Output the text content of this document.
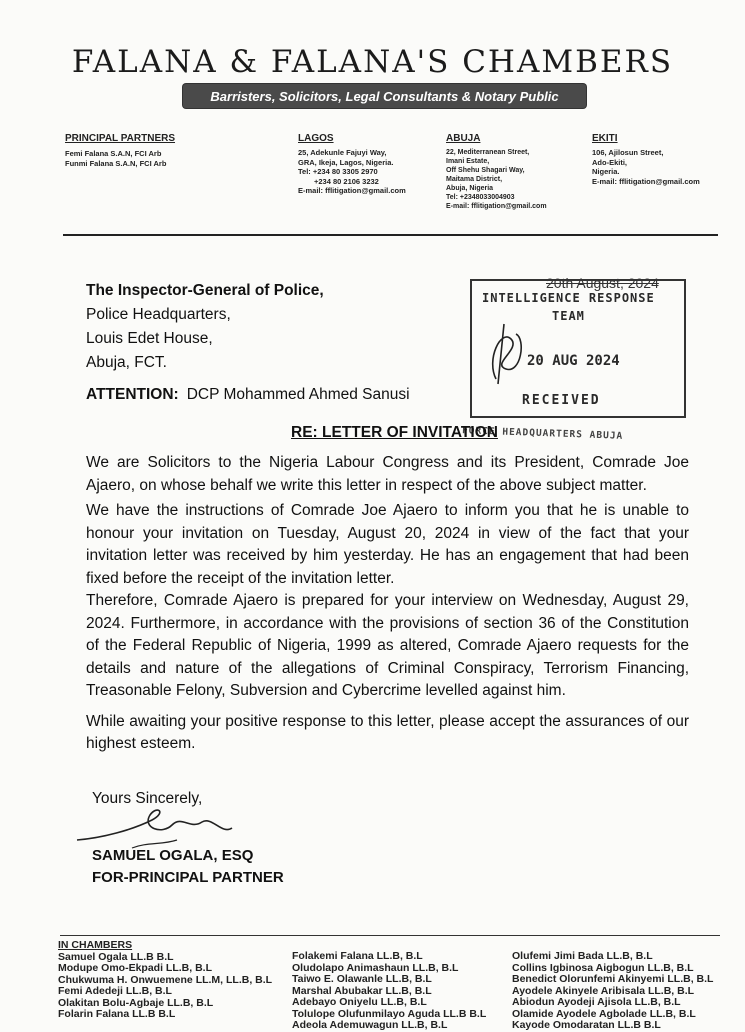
FALANA & FALANA'S CHAMBERS
Barristers, Solicitors, Legal Consultants & Notary Public
PRINCIPAL PARTNERS
Femi Falana S.A.N, FCI Arb
Funmi Falana S.A.N, FCI Arb
LAGOS
25, Adekunle Fajuyi Way,
GRA, Ikeja, Lagos, Nigeria.
Tel: +234 80 3305 2970
+234 80 2106 3232
E-mail: fflitigation@gmail.com
ABUJA
22, Mediterranean Street,
Imani Estate,
Off Shehu Shagari Way,
Maitama District,
Abuja, Nigeria
Tel: +2348033004903
E-mail: fflitigation@gmail.com
EKITI
106, Ajilosun Street,
Ado-Ekiti,
Nigeria.
E-mail: fflitigation@gmail.com
The Inspector-General of Police,
Police Headquarters,
Louis Edet House,
Abuja, FCT.
20th August, 2024
INTELLIGENCE RESPONSE
TEAM
20 AUG 2024
RECEIVED
FORCE HEADQUARTERS ABUJA
ATTENTION: DCP Mohammed Ahmed Sanusi
RE: LETTER OF INVITATION

We are Solicitors to the Nigeria Labour Congress and its President, Comrade Joe Ajaero, on whose behalf we write this letter in respect of the above subject matter.

We have the instructions of Comrade Joe Ajaero to inform you that he is unable to honour your invitation on Tuesday, August 20, 2024 in view of the fact that your invitation letter was received by him yesterday. He has an engagement that had been fixed before the receipt of the invitation letter.

Therefore, Comrade Ajaero is prepared for your interview on Wednesday, August 29, 2024. Furthermore, in accordance with the provisions of section 36 of the Constitution of the Federal Republic of Nigeria, 1999 as altered, Comrade Ajaero requests for the details and nature of the allegations of Criminal Conspiracy, Terrorism Financing, Treasonable Felony, Subversion and Cybercrime levelled against him.

While awaiting your positive response to this letter, please accept the assurances of our highest esteem.

Yours Sincerely,
SAMUEL OGALA, ESQ
FOR-PRINCIPAL PARTNER
IN CHAMBERS
Samuel Ogala LL.B B.L
Modupe Omo-Ekpadi LL.B, B.L
Chukwuma H. Onwuemene LL.M, LL.B, B.L
Femi Adedeji LL.B, B.L
Olakitan Bolu-Agbaje LL.B, B.L
Folarin Falana LL.B B.L
Folakemi Falana LL.B, B.L
Oludolapo Animashaun LL.B, B.L
Taiwo E. Olawanle LL.B, B.L
Marshal Abubakar LL.B, B.L
Adebayo Oniyelu LL.B, B.L
Tolulope Olufunmilayo Aguda LL.B B.L
Adeola Ademuwagun LL.B, B.L
Olufemi Jimi Bada LL.B, B.L
Collins Igbinosa Aigbogun LL.B, B.L
Benedict Olorunfemi Akinyemi LL.B, B.L
Ayodele Akinyele Aribisala LL.B, B.L
Abiodun Ayodeji Ajisola LL.B, B.L
Olamide Ayodele Agbolade LL.B, B.L
Kayode Omodaratan LL.B B.L
